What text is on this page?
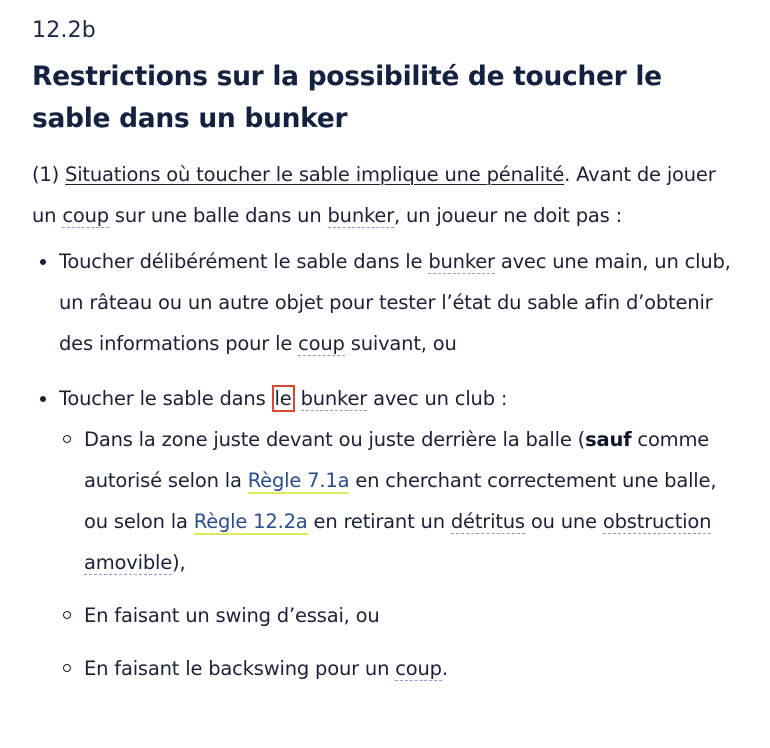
12.2b
Restrictions sur la possibilité de toucher le sable dans un bunker

(1) Situations où toucher le sable implique une pénalité. Avant de jouer un coup sur une balle dans un bunker, un joueur ne doit pas :

Toucher délibérément le sable dans le bunker avec une main, un club, un râteau ou un autre objet pour tester l’état du sable afin d’obtenir des informations pour le coup suivant, ou
Toucher le sable dans le bunker avec un club :
Dans la zone juste devant ou juste derrière la balle (sauf comme autorisé selon la Règle 7.1a en cherchant correctement une balle, ou selon la Règle 12.2a en retirant un détritus ou une obstruction amovible),
En faisant un swing d’essai, ou
En faisant le backswing pour un coup.
